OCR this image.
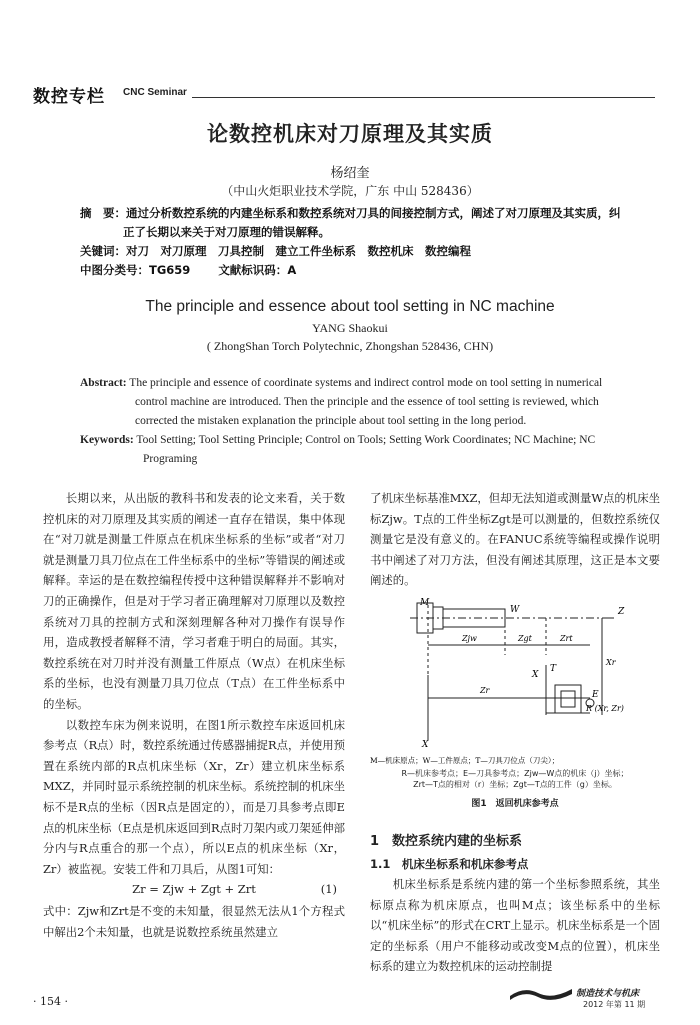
数控专栏 CNC Seminar
论数控机床对刀原理及其实质
杨绍奎
（中山火炬职业技术学院，广东 中山 528436）
摘　要：通过分析数控系统的内建坐标系和数控系统对刀具的间接控制方式，阐述了对刀原理及其实质，纠
正了长期以来关于对刀原理的错误解释。
关键词：对刀　对刀原理　刀具控制　建立工件坐标系　数控机床　数控编程
中图分类号：TG659 文献标识码：A
The principle and essence about tool setting in NC machine
YANG Shaokui
( ZhongShan Torch Polytechnic, Zhongshan 528436, CHN)
Abstract: The principle and essence of coordinate systems and indirect control mode on tool setting in numerical
control machine are introduced. Then the principle and the essence of tool setting is reviewed, which
corrected the mistaken explanation the principle about tool setting in the long period.
Keywords: Tool Setting; Tool Setting Principle; Control on Tools; Setting Work Coordinates; NC Machine; NC
Programing

长期以来，从出版的教科书和发表的论文来看，关于数控机床的对刀原理及其实质的阐述一直存在错误，集中体现在“对刀就是测量工件原点在机床坐标系的坐标”或者“对刀就是测量刀具刀位点在工件坐标系中的坐标”等错误的阐述或解释。幸运的是在数控编程传授中这种错误解释并不影响对刀的正确操作，但是对于学习者正确理解对刀原理以及数控系统对刀具的控制方式和深刻理解各种对刀操作有误导作用，造成教授者解释不清，学习者难于明白的局面。其实，数控系统在对刀时并没有测量工件原点（W点）在机床坐标系的坐标，也没有测量刀具刀位点（T点）在工件坐标系中的坐标。

以数控车床为例来说明，在图1所示数控车床返回机床参考点（R点）时，数控系统通过传感器捕捉R点，并使用预置在系统内部的R点机床坐标（Xr，Zr）建立机床坐标系MXZ，并同时显示系统控制的机床坐标。系统控制的机床坐标不是R点的坐标（因R点是固定的），而是刀具参考点即E点的机床坐标（E点是机床返回到R点时刀架内或刀架延伸部分内与R点重合的那一个点），所以E点的机床坐标（Xr，Zr）被监视。安装工件和刀具后，从图1可知：

Zr = Zjw + Zgt + Zrt	(1)

式中：Zjw和Zrt是不变的未知量，很显然无法从1个方程式中解出2个未知量，也就是说数控系统虽然建立

了机床坐标基准MXZ，但却无法知道或测量W点的机床坐标Zjw。T点的工件坐标Zgt是可以测量的，但数控系统仅测量它是没有意义的。在FANUC系统等编程或操作说明书中阐述了对刀方法，但没有阐述其原理，这正是本文要阐述的。

M
W	Z
Zjw	Zgt	Zrt
Xr
X
T
E
R (Xr, Zr)
Zr
X
M—机床原点；W—工件原点；T—刀具刀位点（刀尖）；
R—机床参考点；E—刀具参考点；Zjw—W点的机床（j）坐标；
Zrt—T点的相对（r）坐标；Zgt—T点的工件（g）坐标。
图1　返回机床参考点
1　数控系统内建的坐标系
1.1　机床坐标系和机床参考点

机床坐标系是系统内建的第一个坐标参照系统，其坐标原点称为机床原点，也叫M点；该坐标系中的坐标以“机床坐标”的形式在CRT上显示。机床坐标系是一个固定的坐标系（用户不能移动或改变M点的位置），机床坐标系的建立为数控机床的运动控制提

· 154 ·
制造技术与机床
2012 年第 11 期
